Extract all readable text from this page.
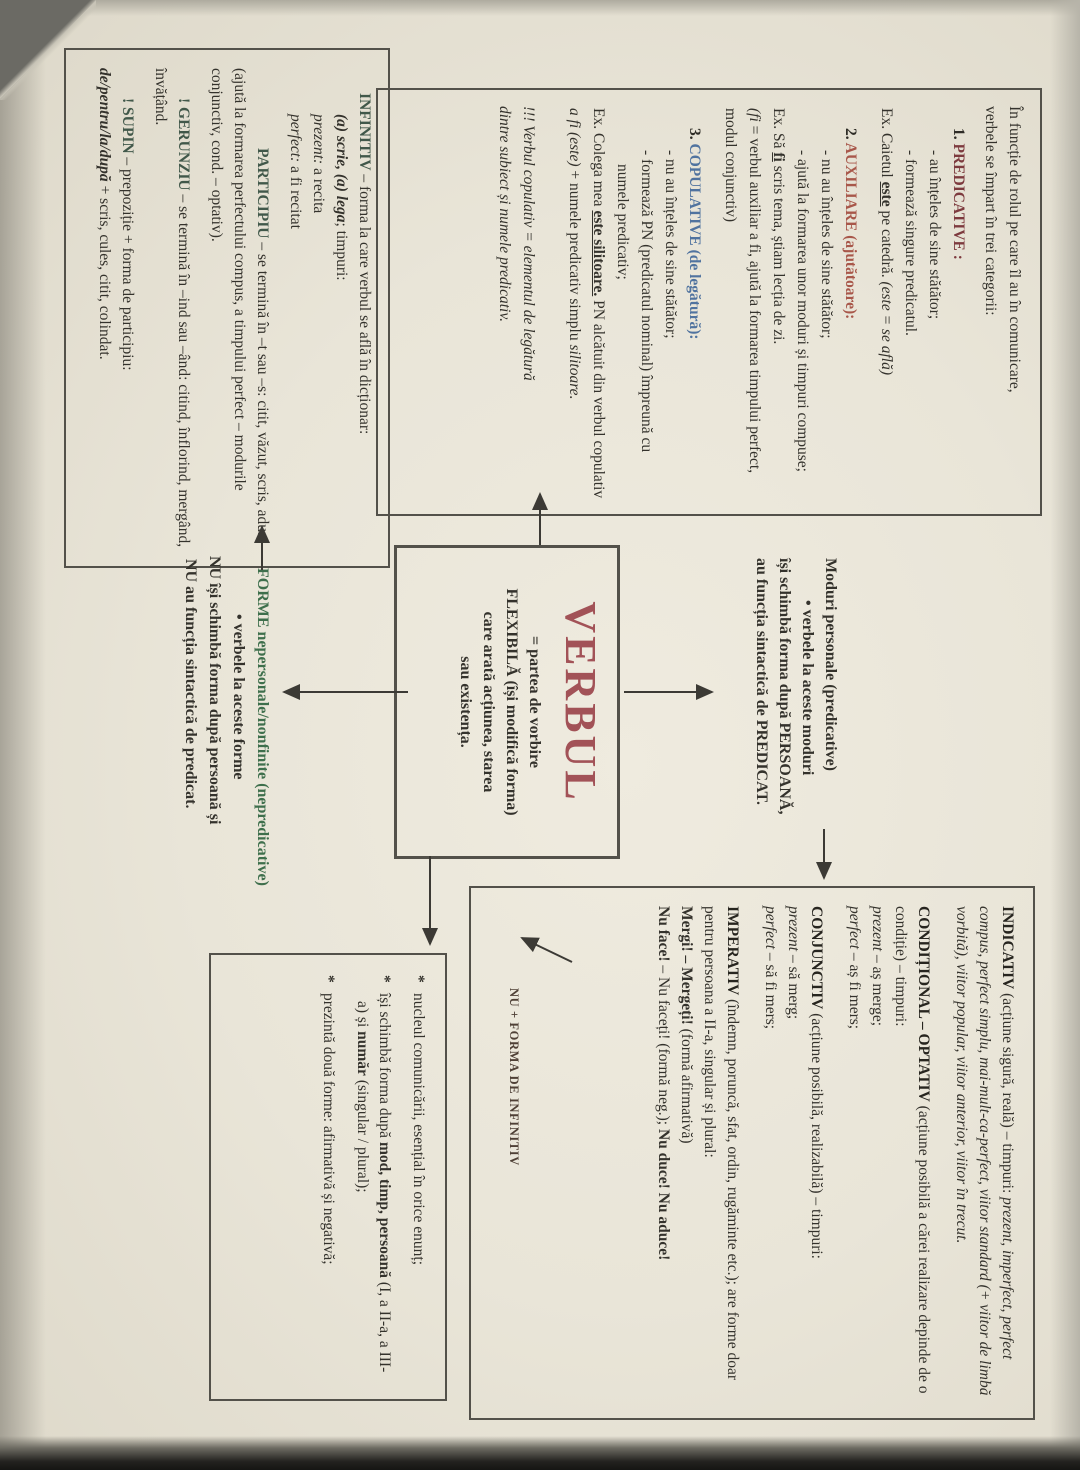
În funcție de rolul pe care îl au în comunicare,
verbele se împart în trei categorii:
1. PREDICATIVE :
- au înțeles de sine stătător;
- formează singure predicatul.
Ex. Caietul este pe catedră. (este = se află)
2. AUXILIARE (ajutătoare):
- nu au înțeles de sine stătător;
- ajută la formarea unor moduri și timpuri compuse;
Ex. Să fi scris tema, știam lecția de zi.
(fi = verbul auxiliar a fi, ajută la formarea timpului perfect, modul conjunctiv)
3. COPULATIVE (de legătură):
- nu au înțeles de sine stătător;
- formează PN (predicatul nominal) împreună cu numele predicativ;
Ex. Colega mea este silitoare. PN alcătuit din verbul copulativ a fi (este) + numele predicativ simplu silitoare.
!!! Verbul copulativ = elementul de legătură
dintre subiect și numele predicativ.
INFINITIV – forma la care verbul se află în dicționar:
(a) scrie, (a) lega; timpuri:
prezent: a recita
perfect: a fi recitat
PARTICIPIU – se termină în –t sau –s: citit, văzut, scris, adus (ajută la formarea perfectului compus, a timpului perfect – modurile conjunctiv, cond. – optativ).
! GERUNZIU – se termină în –ind sau –ând: citind, înflorind, mergând, învățând.
! SUPIN – prepoziție + forma de participiu:
de/pentru/la/după + scris, cules, citit, colindat.
VERBUL
= partea de vorbire
FLEXIBILĂ (își modifică forma)
care arată acțiunea, starea
sau existența.	Moduri personale (predicative)
• verbele la aceste moduri
își schimbă forma după PERSOANĂ,
au funcția sintactică de PREDICAT.
INDICATIV (acțiune sigură, reală) – timpuri: prezent, imperfect, perfect compus, perfect simplu, mai-mult-ca-perfect, viitor standard (+ viitor de limbă vorbită), viitor popular, viitor anterior, viitor în trecut.
CONDIȚIONAL – OPTATIV (acțiune posibilă a cărei realizare depinde de o condiție) – timpuri:
prezent – aș merge;
perfect – aș fi mers;
CONJUNCTIV (acțiune posibilă, realizabilă) – timpuri:
prezent – să merg;
perfect – să fi mers;
IMPERATIV (îndemn, poruncă, sfat, ordin, rugăminte etc.); are forme doar pentru persoana a II-a, singular și plural:
Mergi! – Mergeți! (formă afirmativă)
Nu face! – Nu faceți! (formă neg.); Nu duce! Nu aduce!
NU + FORMA DE INFINITIV
FORME nepersonale/nonfinite (nepredicative)
• verbele la aceste forme
NU își schimbă forma după persoană și
NU au funcția sintactică de predicat.
*nucleul comunicării, esențial în orice enunț;
*își schimbă forma după mod, timp, persoană (I, a II-a, a III-a) și număr (singular / plural);
*prezintă două forme: afirmativă și negativă;
